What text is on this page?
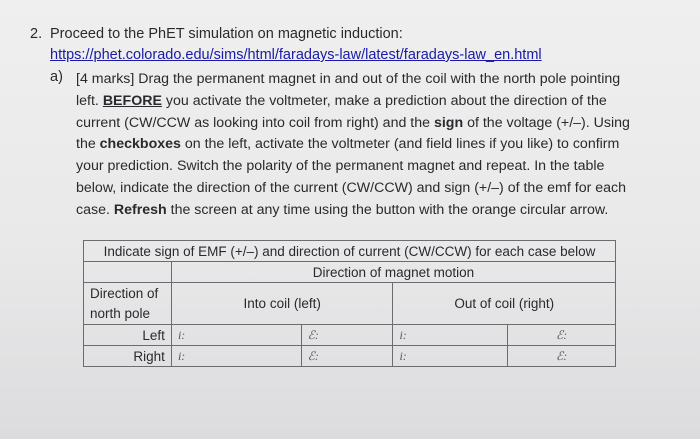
2. Proceed to the PhET simulation on magnetic induction:
https://phet.colorado.edu/sims/html/faradays-law/latest/faradays-law_en.html
a) [4 marks] Drag the permanent magnet in and out of the coil with the north pole pointing left. BEFORE you activate the voltmeter, make a prediction about the direction of the current (CW/CCW as looking into coil from right) and the sign of the voltage (+/–). Using the checkboxes on the left, activate the voltmeter (and field lines if you like) to confirm your prediction. Switch the polarity of the permanent magnet and repeat. In the table below, indicate the direction of the current (CW/CCW) and sign (+/–) of the emf for each case. Refresh the screen at any time using the button with the orange circular arrow.
Indicate sign of EMF (+/–) and direction of current (CW/CCW) for each case below				
	Direction of magnet motion			
Direction of north pole	Into coil (left)		Out of coil (right)	
Left	i:	ℰ:	i:	ℰ:
Right	i:	ℰ:	i:	ℰ:
